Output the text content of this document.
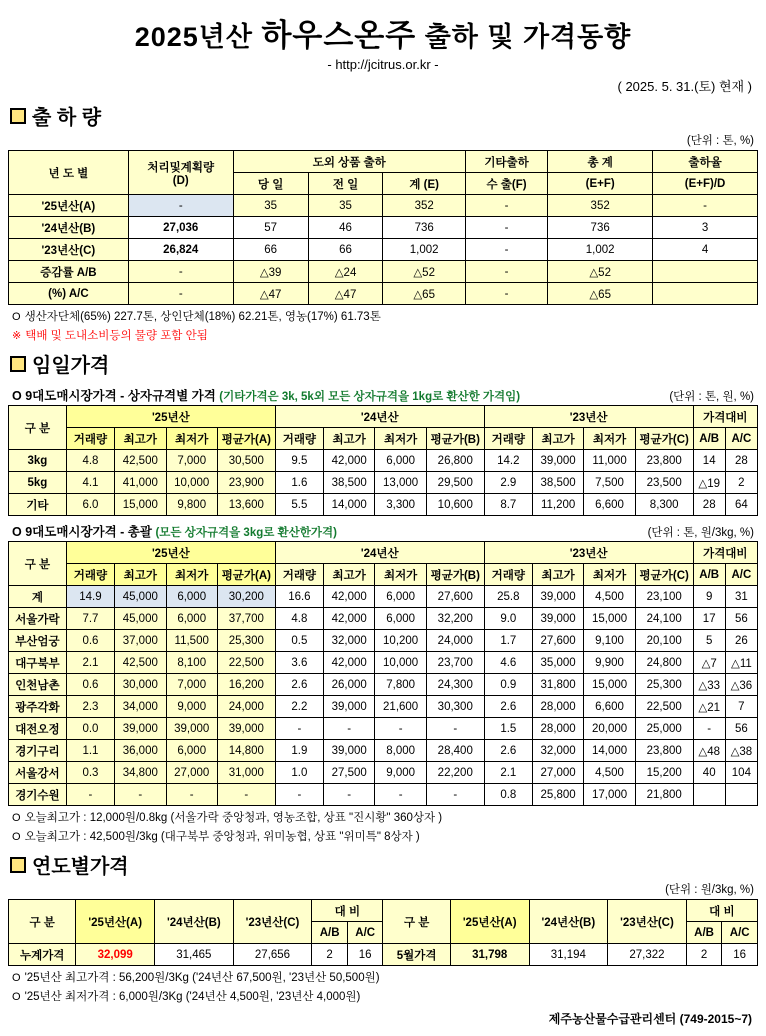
2025년산 하우스온주 출하 및 가격동향
- http://jcitrus.or.kr -
( 2025. 5. 31.(토) 현재 )
출 하 량
(단위 : 톤, %)
년 도 별	처리및계획량
(D)	도외 상품 출하			기타출하	총 계	출하율
		당 일	전 일	계 (E)	수 출(F)	(E+F)	(E+F)/D
'25년산(A)	-	35	35	352	-	352	-
'24년산(B)	27,036	57	46	736	-	736	3
'23년산(C)	26,824	66	66	1,002	-	1,002	4
증감률 A/B	-	△39	△24	△52	-	△52	
(%) A/C	-	△47	△47	△65	-	△65	
О 생산자단체(65%) 227.7톤, 상인단체(18%) 62.21톤, 영농(17%) 61.73톤
※ 택배 및 도내소비등의 물량 포함 안됨
임일가격
О 9대도매시장가격 - 상자규격별 가격 (기타가격은 3k, 5k외 모든 상자규격을 1kg로 환산한 가격임)	(단위 : 톤, 원, %)
구 분	'25년산				'24년산				'23년산				가격대비	
	거래량	최고가	최저가	평균가(A)	거래량	최고가	최저가	평균가(B)	거래량	최고가	최저가	평균가(C)	A/B	A/C
3kg	4.8	42,500	7,000	30,500	9.5	42,000	6,000	26,800	14.2	39,000	11,000	23,800	14	28
5kg	4.1	41,000	10,000	23,900	1.6	38,500	13,000	29,500	2.9	38,500	7,500	23,500	△19	2
기타	6.0	15,000	9,800	13,600	5.5	14,000	3,300	10,600	8.7	11,200	6,600	8,300	28	64
О 9대도매시장가격 - 총괄 (모든 상자규격을 3kg로 환산한가격)	(단위 : 톤, 원/3kg, %)
구 분	'25년산				'24년산				'23년산				가격대비	
	거래량	최고가	최저가	평균가(A)	거래량	최고가	최저가	평균가(B)	거래량	최고가	최저가	평균가(C)	A/B	A/C
계	14.9	45,000	6,000	30,200	16.6	42,000	6,000	27,600	25.8	39,000	4,500	23,100	9	31
서울가락	7.7	45,000	6,000	37,700	4.8	42,000	6,000	32,200	9.0	39,000	15,000	24,100	17	56
부산엄궁	0.6	37,000	11,500	25,300	0.5	32,000	10,200	24,000	1.7	27,600	9,100	20,100	5	26
대구북부	2.1	42,500	8,100	22,500	3.6	42,000	10,000	23,700	4.6	35,000	9,900	24,800	△7	△11
인천남촌	0.6	30,000	7,000	16,200	2.6	26,000	7,800	24,300	0.9	31,800	15,000	25,300	△33	△36
광주각화	2.3	34,000	9,000	24,000	2.2	39,000	21,600	30,300	2.6	28,000	6,600	22,500	△21	7
대전오정	0.0	39,000	39,000	39,000	-	-	-	-	1.5	28,000	20,000	25,000	-	56
경기구리	1.1	36,000	6,000	14,800	1.9	39,000	8,000	28,400	2.6	32,000	14,000	23,800	△48	△38
서울강서	0.3	34,800	27,000	31,000	1.0	27,500	9,000	22,200	2.1	27,000	4,500	15,200	40	104
경기수원	-	-	-	-	-	-	-	-	0.8	25,800	17,000	21,800		
О 오늘최고가 : 12,000원/0.8kg (서울가락 중앙청과, 영농조합, 상표 "진시황" 360상자 )
О 오늘최고가 : 42,500원/3kg (대구북부 중앙청과, 위미농협, 상표 "위미특" 8상자 )
연도별가격
(단위 : 원/3kg, %)
구 분	'25년산(A)	'24년산(B)	'23년산(C)	대 비		구 분	'25년산(A)	'24년산(B)	'23년산(C)	대 비	
				A/B	A/C					A/B	A/C
누계가격	32,099	31,465	27,656	2	16	5월가격	31,798	31,194	27,322	2	16
О '25년산 최고가격 : 56,200원/3Kg ('24년산 67,500원, '23년산 50,500원)
О '25년산 최저가격 : 6,000원/3Kg ('24년산 4,500원, '23년산 4,000원)
제주농산물수급관리센터 (749-2015~7)
